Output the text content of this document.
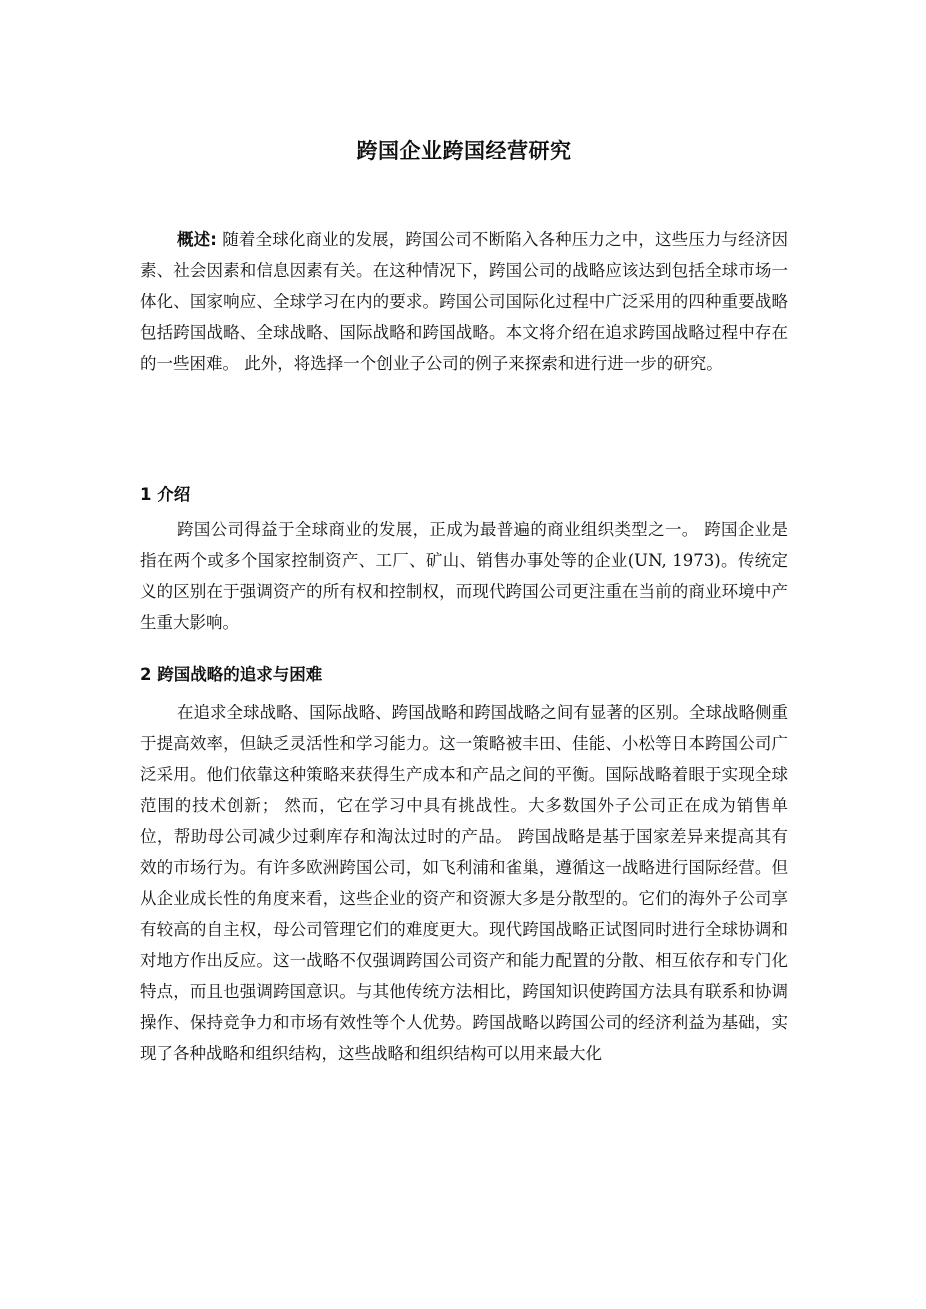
跨国企业跨国经营研究

概述: 随着全球化商业的发展，跨国公司不断陷入各种压力之中，这些压力与经济因素、社会因素和信息因素有关。在这种情况下，跨国公司的战略应该达到包括全球市场一体化、国家响应、全球学习在内的要求。跨国公司国际化过程中广泛采用的四种重要战略包括跨国战略、全球战略、国际战略和跨国战略。本文将介绍在追求跨国战略过程中存在的一些困难。 此外，将选择一个创业子公司的例子来探索和进行进一步的研究。

1 介绍

跨国公司得益于全球商业的发展，正成为最普遍的商业组织类型之一。 跨国企业是指在两个或多个国家控制资产、工厂、矿山、销售办事处等的企业(UN, 1973)。传统定义的区别在于强调资产的所有权和控制权，而现代跨国公司更注重在当前的商业环境中产生重大影响。

2 跨国战略的追求与困难

在追求全球战略、国际战略、跨国战略和跨国战略之间有显著的区别。全球战略侧重于提高效率，但缺乏灵活性和学习能力。这一策略被丰田、佳能、小松等日本跨国公司广泛采用。他们依靠这种策略来获得生产成本和产品之间的平衡。国际战略着眼于实现全球范围的技术创新； 然而，它在学习中具有挑战性。大多数国外子公司正在成为销售单位，帮助母公司减少过剩库存和淘汰过时的产品。 跨国战略是基于国家差异来提高其有效的市场行为。有许多欧洲跨国公司，如飞利浦和雀巢，遵循这一战略进行国际经营。但从企业成长性的角度来看，这些企业的资产和资源大多是分散型的。它们的海外子公司享有较高的自主权，母公司管理它们的难度更大。现代跨国战略正试图同时进行全球协调和对地方作出反应。这一战略不仅强调跨国公司资产和能力配置的分散、相互依存和专门化特点，而且也强调跨国意识。与其他传统方法相比，跨国知识使跨国方法具有联系和协调操作、保持竞争力和市场有效性等个人优势。跨国战略以跨国公司的经济利益为基础，实现了各种战略和组织结构，这些战略和组织结构可以用来最大化
